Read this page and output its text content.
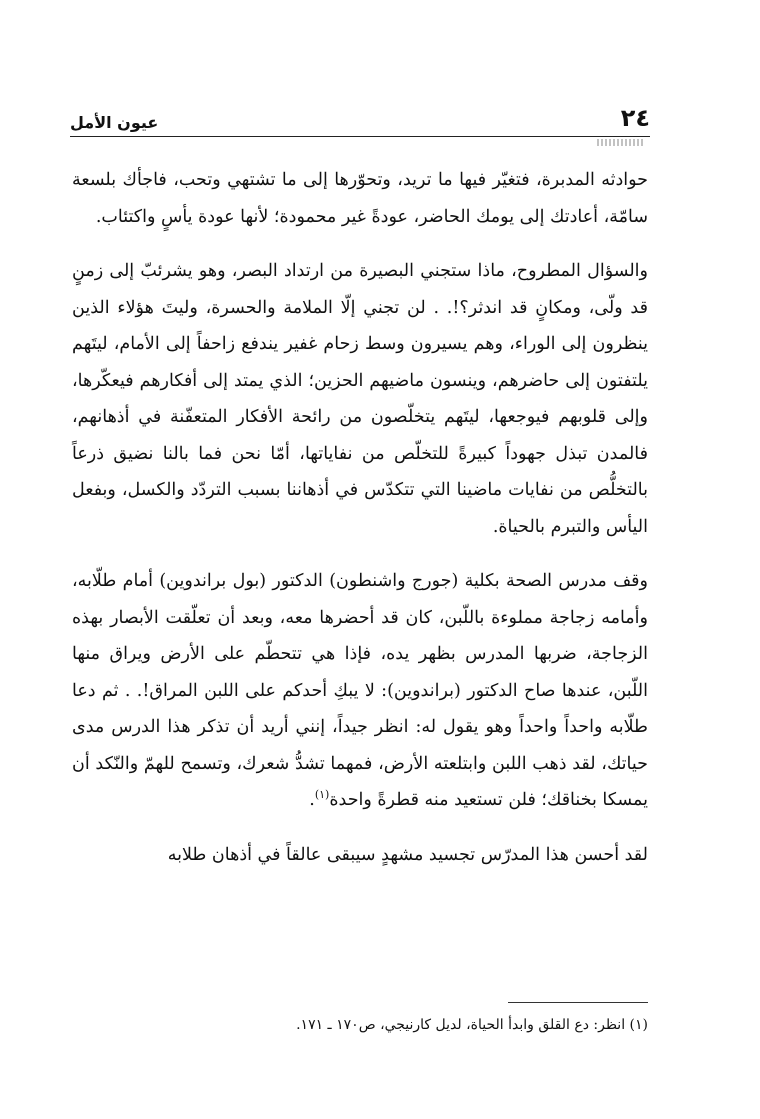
٢٤
عيون الأمل

حوادثه المدبرة، فتغيّر فيها ما تريد، وتحوّرها إلى ما تشتهي وتحب، فاجأك بلسعة سامّة، أعادتك إلى يومك الحاضر، عودةً غير محمودة؛ لأنها عودة يأسٍ واكتئاب.

والسؤال المطروح، ماذا ستجني البصيرة من ارتداد البصر، وهو يشرئبّ إلى زمنٍ قد ولّى، ومكانٍ قد اندثر؟!. . لن تجني إلّا الملامة والحسرة، وليتَ هؤلاء الذين ينظرون إلى الوراء، وهم يسيرون وسط زحام غفير يندفع زاحفاً إلى الأمام، ليتَهم يلتفتون إلى حاضرهم، وينسون ماضيهم الحزين؛ الذي يمتد إلى أفكارهم فيعكّرها، وإلى قلوبهم فيوجعها، ليتَهم يتخلّصون من رائحة الأفكار المتعفّنة في أذهانهم، فالمدن تبذل جهوداً كبيرةً للتخلّص من نفاياتها، أمّا نحن فما بالنا نضيق ذرعاً بالتخلُّص من نفايات ماضينا التي تتكدّس في أذهاننا بسبب التردّد والكسل، وبفعل اليأس والتبرم بالحياة.

وقف مدرس الصحة بكلية (جورج واشنطون) الدكتور (بول براندوين) أمام طلّابه، وأمامه زجاجة مملوءة باللّبن، كان قد أحضرها معه، وبعد أن تعلّقت الأبصار بهذه الزجاجة، ضربها المدرس بظهر يده، فإذا هي تتحطّم على الأرض ويراق منها اللّبن، عندها صاح الدكتور (براندوين): لا يبكِ أحدكم على اللبن المراق!. . ثم دعا طلّابه واحداً واحداً وهو يقول له: انظر جيداً، إنني أريد أن تذكر هذا الدرس مدى حياتك، لقد ذهب اللبن وابتلعته الأرض، فمهما تشدُّ شعرك، وتسمح للهمّ والنّكد أن يمسكا بخناقك؛ فلن تستعيد منه قطرةً واحدة$^{(١)}$.

لقد أحسن هذا المدرّس تجسيد مشهدٍ سيبقى عالقاً في أذهان طلابه

(١) انظر: دع القلق وابدأ الحياة، لديل كارنيجي، ص١٧٠ ـ ١٧١.
